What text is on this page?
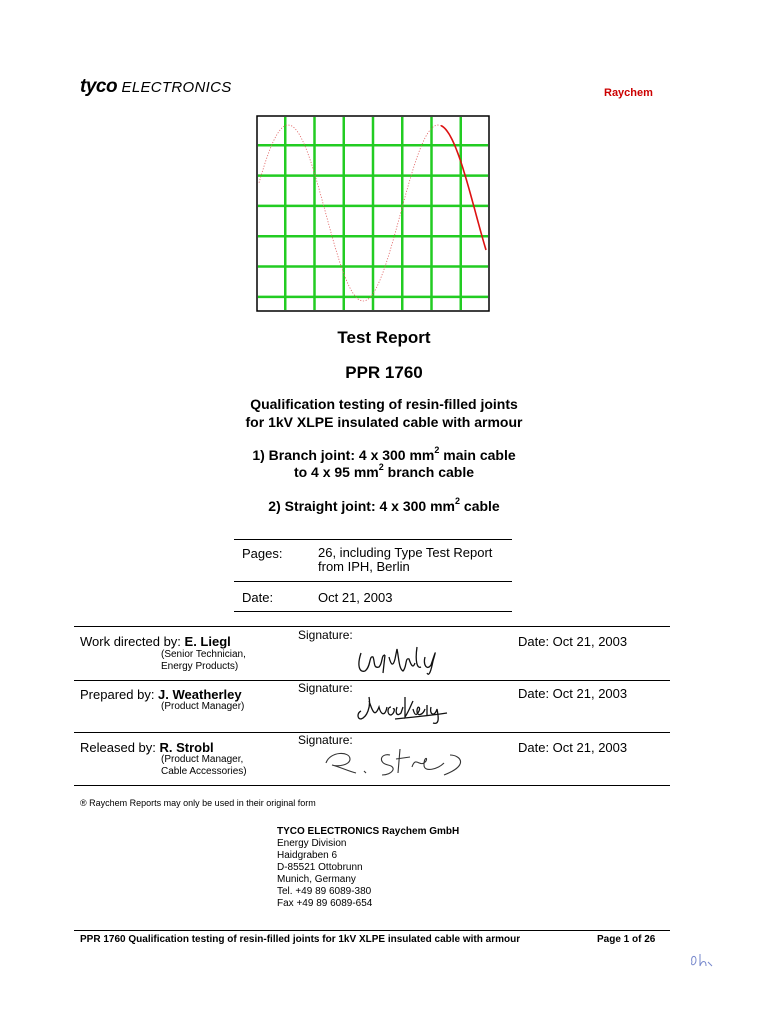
tyco ELECTRONICS	Raychem
Test Report
PPR 1760
Qualification testing of resin-filled joints
for 1kV XLPE insulated cable with armour
1) Branch joint: 4 x 300 $mm^2$ main cable
to 4 x 95 $mm^2$ branch cable
2) Straight joint: 4 x 300 $mm^2$ cable
Pages:	26, including Type Test Report
from IPH, Berlin
Date:	Oct 21, 2003
Work directed by: E. Liegl
(Senior Technician,
Energy Products)
Signature:	Date: Oct 21, 2003
Prepared by: J. Weatherley
(Product Manager)
Signature:	Date: Oct 21, 2003
Released by: R. Strobl
(Product Manager,
Cable Accessories)
Signature:	Date: Oct 21, 2003
® Raychem Reports may only be used in their original form
TYCO ELECTRONICS Raychem GmbH
Energy Division
Haidgraben 6
D-85521 Ottobrunn
Munich, Germany
Tel. +49 89 6089-380
Fax +49 89 6089-654
PPR 1760 Qualification testing of resin-filled joints for 1kV XLPE insulated cable with armour	Page 1 of 26
